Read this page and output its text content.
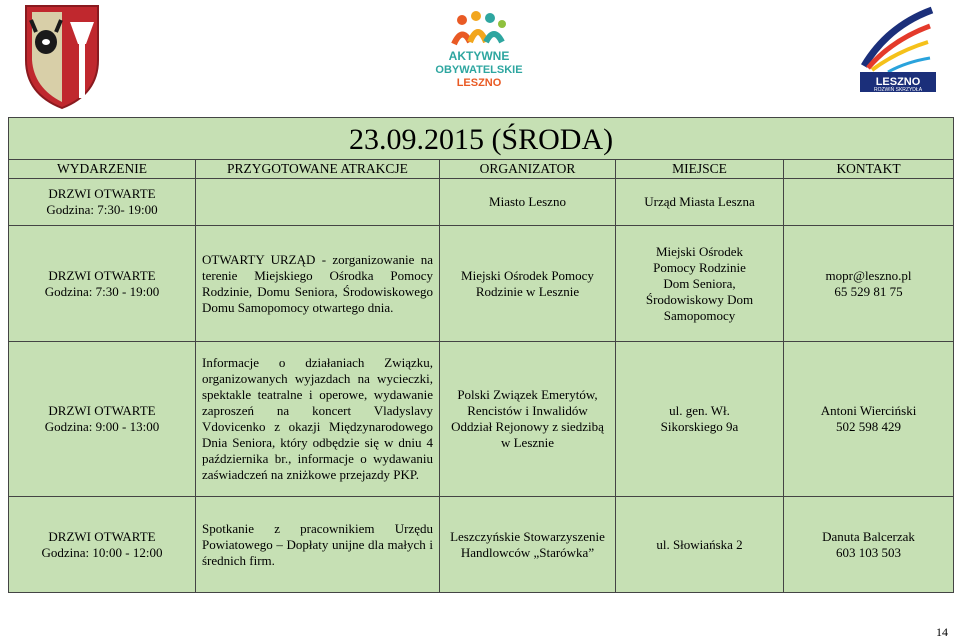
AKTYWNE
OBYWATELSKIE
LESZNO	LESZNO
ROZWIŃ SKRZYDŁA
23.09.2015 (ŚRODA)				
WYDARZENIE	PRZYGOTOWANE ATRAKCJE	ORGANIZATOR	MIEJSCE	KONTAKT

DRZWI OTWARTE
Godzina: 7:30- 19:00		Miasto Leszno	Urząd Miasta Leszna	

DRZWI OTWARTE
Godzina: 7:30 - 19:00	OTWARTY URZĄD - zorganizowanie na terenie Miejskiego Ośrodka Pomocy Rodzinie, Domu Seniora, Środowiskowego Domu Samopomocy otwartego dnia.	Miejski Ośrodek Pomocy Rodzinie w Lesznie	Miejski Ośrodek Pomocy Rodzinie Dom Seniora, Środowiskowy Dom Samopomocy	mopr@leszno.pl
65 529 81 75

DRZWI OTWARTE
Godzina: 9:00 - 13:00	Informacje o działaniach Związku, organizowanych wyjazdach na wycieczki, spektakle teatralne i operowe, wydawanie zaproszeń na koncert Vladyslavy Vdovicenko z okazji Międzynarodowego Dnia Seniora, który odbędzie się w dniu 4 października br., informacje o wydawaniu zaświadczeń na zniżkowe przejazdy PKP.	Polski Związek Emerytów, Rencistów i Inwalidów Oddział Rejonowy z siedzibą w Lesznie	ul. gen. Wł. Sikorskiego 9a	Antoni Wierciński
502 598 429

DRZWI OTWARTE
Godzina: 10:00 - 12:00	Spotkanie z pracownikiem Urzędu Powiatowego – Dopłaty unijne dla małych i średnich firm.	Leszczyńskie Stowarzyszenie Handlowców „Starówka”	ul. Słowiańska 2	Danuta Balcerzak
603 103 503
14
